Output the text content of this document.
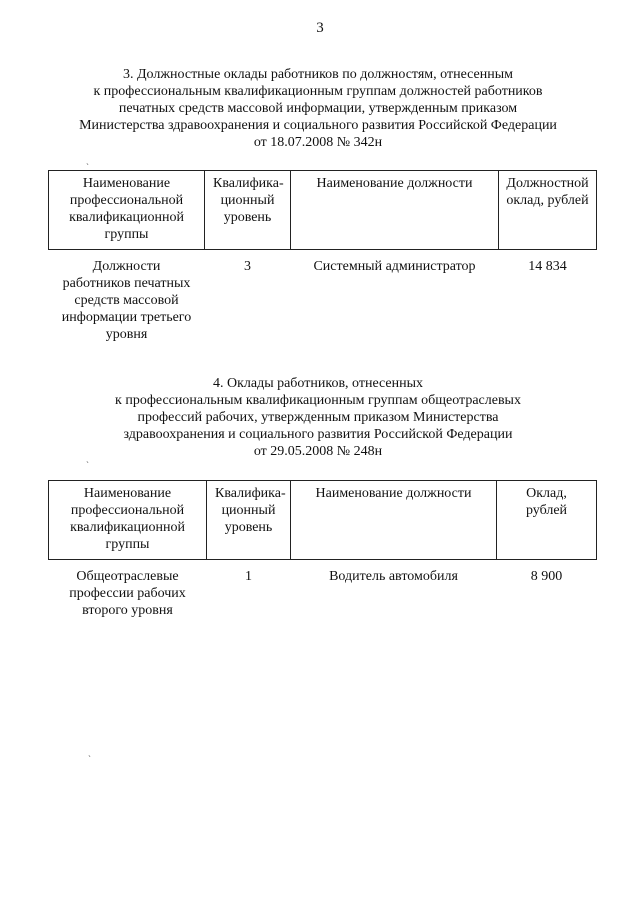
3
3. Должностные оклады работников по должностям, отнесенным
к профессиональным квалификационным группам должностей работников
печатных средств массовой информации, утвержденным приказом
Министерства здравоохранения и социального развития Российской Федерации
от 18.07.2008 № 342н
ˎ
Наименование профессиональной квалификационной группы	Квалифика- ционный уровень	Наименование должности	Должностной оклад, рублей
Должности работников печатных средств массовой информации третьего уровня	3	Системный администратор	14 834
4. Оклады работников, отнесенных
к профессиональным квалификационным группам общеотраслевых
профессий рабочих, утвержденным приказом Министерства
здравоохранения и социального развития Российской Федерации
от 29.05.2008 № 248н
ˎ
Наименование профессиональной квалификационной группы	Квалифика- ционный уровень	Наименование должности	Оклад, рублей
Общеотраслевые профессии рабочих второго уровня	1	Водитель автомобиля	8 900
ˎ
